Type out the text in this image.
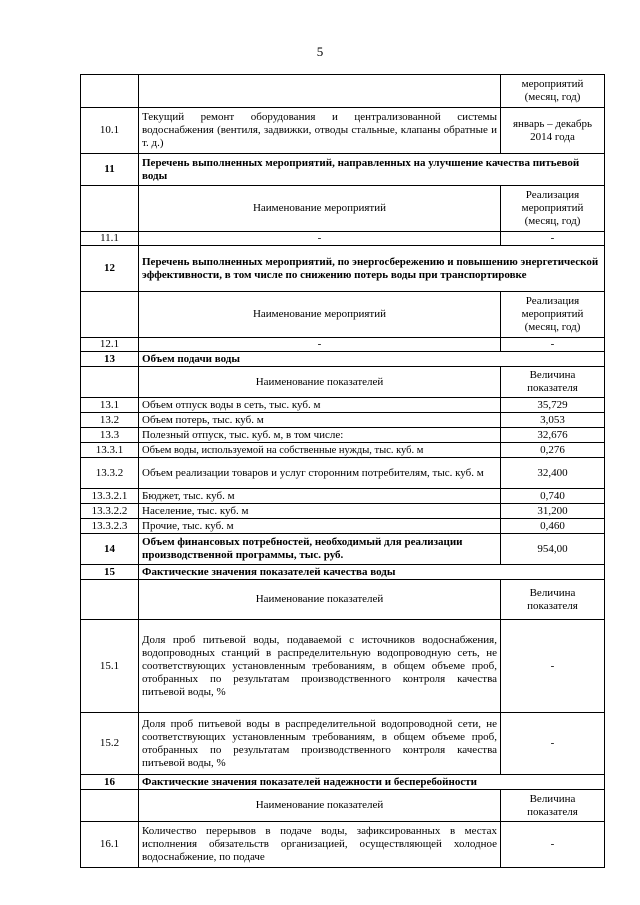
5
		мероприятий (месяц, год)
10.1	Текущий ремонт оборудования и централизованной системы водоснабжения (вентиля, задвижки, отводы стальные, клапаны обратные и т. д.)	январь – декабрь 2014 года
11	Перечень выполненных мероприятий, направленных на улучшение качества питьевой воды	
	Наименование мероприятий	Реализация мероприятий (месяц, год)
11.1	-	-
12	Перечень выполненных мероприятий, по энергосбережению и повышению энергетической эффективности, в том числе по снижению потерь воды при транспортировке	
	Наименование мероприятий	Реализация мероприятий (месяц, год)
12.1	-	-
13	Объем подачи воды	
	Наименование показателей	Величина показателя
13.1	Объем отпуск воды в сеть, тыс. куб. м	35,729
13.2	Объем потерь, тыс. куб. м	3,053
13.3	Полезный отпуск, тыс. куб. м, в том числе:	32,676
13.3.1	Объем воды, используемой на собственные нужды, тыс. куб. м	0,276
13.3.2	Объем реализации товаров и услуг сторонним потребителям, тыс. куб. м	32,400
13.3.2.1	Бюджет, тыс. куб. м	0,740
13.3.2.2	Население, тыс. куб. м	31,200
13.3.2.3	Прочие, тыс. куб. м	0,460
14	Объем финансовых потребностей, необходимый для реализации производственной программы, тыс. руб.	954,00
15	Фактические значения показателей качества воды	
	Наименование показателей	Величина показателя
15.1	Доля проб питьевой воды, подаваемой с источников водоснабжения, водопроводных станций в распределительную водопроводную сеть, не соответствующих установленным требованиям, в общем объеме проб, отобранных по результатам производственного контроля качества питьевой воды, %	-
15.2	Доля проб питьевой воды в распределительной водопроводной сети, не соответствующих установленным требованиям, в общем объеме проб, отобранных по результатам производственного контроля качества питьевой воды, %	-
16	Фактические значения показателей надежности и бесперебойности	
	Наименование показателей	Величина показателя
16.1	Количество перерывов в подаче воды, зафиксированных в местах исполнения обязательств организацией, осуществляющей холодное водоснабжение, по подаче	-
